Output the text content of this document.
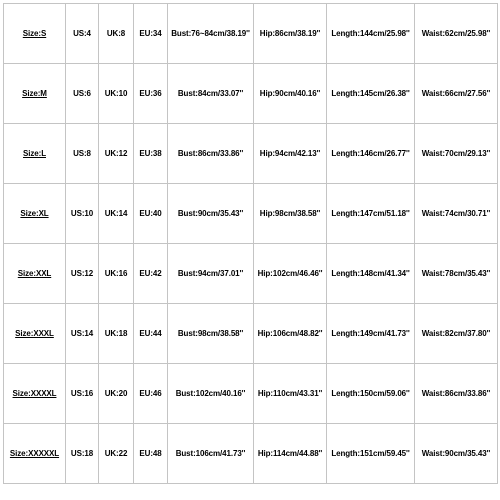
Size:S	US:4	UK:8	EU:34	Bust:76~84cm/38.19''	Hip:86cm/38.19''	Length:144cm/25.98''	Waist:62cm/25.98''
Size:M	US:6	UK:10	EU:36	Bust:84cm/33.07''	Hip:90cm/40.16''	Length:145cm/26.38''	Waist:66cm/27.56''
Size:L	US:8	UK:12	EU:38	Bust:86cm/33.86''	Hip:94cm/42.13''	Length:146cm/26.77''	Waist:70cm/29.13''
Size:XL	US:10	UK:14	EU:40	Bust:90cm/35.43''	Hip:98cm/38.58''	Length:147cm/51.18''	Waist:74cm/30.71''
Size:XXL	US:12	UK:16	EU:42	Bust:94cm/37.01''	Hip:102cm/46.46''	Length:148cm/41.34''	Waist:78cm/35.43''
Size:XXXL	US:14	UK:18	EU:44	Bust:98cm/38.58''	Hip:106cm/48.82''	Length:149cm/41.73''	Waist:82cm/37.80''
Size:XXXXL	US:16	UK:20	EU:46	Bust:102cm/40.16''	Hip:110cm/43.31''	Length:150cm/59.06''	Waist:86cm/33.86''
Size:XXXXXL	US:18	UK:22	EU:48	Bust:106cm/41.73''	Hip:114cm/44.88''	Length:151cm/59.45''	Waist:90cm/35.43''
